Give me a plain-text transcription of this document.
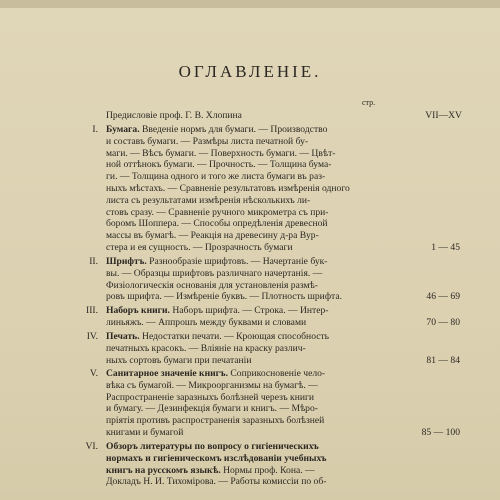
ОГЛАВЛЕНІЕ.
стр.
Предисловіе проф. Г. В. Хлопина	VII—XV
I. Бумага. Введеніе нормъ для бумаги. — Производство
и составъ бумаги. — Размѣры листа печатной бу-
маги. — Вѣсъ бумаги. — Поверхность бумаги. — Цвѣт-
ной оттѣнокъ бумаги. — Прочность. — Толщина бума-
ги. — Толщина одного и того же листа бумаги въ раз-
ныхъ мѣстахъ. — Сравненіе результатовъ измѣренія одного
листа съ результатами измѣренія нѣсколькихъ ли-
стовъ сразу. — Сравненіе ручного микрометра съ при-
боромъ Шоппера. — Способы опредѣленія древесной
массы въ бумагѣ. — Реакція на древесину д-ра Вур-
стера и ея сущность. — Прозрачность бумаги	1 — 45
II. Шрифтъ. Разнообразіе шрифтовъ. — Начертаніе бук-
вы. — Образцы шрифтовъ различнаго начертанія. —
Физіологическія основанія для установленія размѣ-
ровъ шрифта. — Измѣреніе буквъ. — Плотность шрифта.	46 — 69
III. Наборъ книги. Наборъ шрифта. — Строка. — Интер-
линьяжъ. — Аппрошъ между буквами и словами	70 — 80
IV. Печать. Недостатки печати. — Кроющая способность
печатныхъ красокъ. — Вліяніе на краску различ-
ныхъ сортовъ бумаги при печатаніи	81 — 84
V. Санитарное значеніе книгъ. Соприкосновеніе чело-
вѣка съ бумагой. — Микроорганизмы на бумагѣ. —
Распространеніе заразныхъ болѣзней черезъ книги
и бумагу. — Дезинфекція бумаги и книгъ. — Мѣро-
пріятія противъ распространенія заразныхъ болѣзней
книгами и бумагой	85 — 100
VI. Обзоръ литературы по вопросу о гигіеническихъ
нормахъ и гигіеническомъ изслѣдованіи учебныхъ
книгъ на русскомъ языкѣ. Нормы проф. Кона. —
Докладъ Н. И. Тихомірова. — Работы комиссіи по об-
